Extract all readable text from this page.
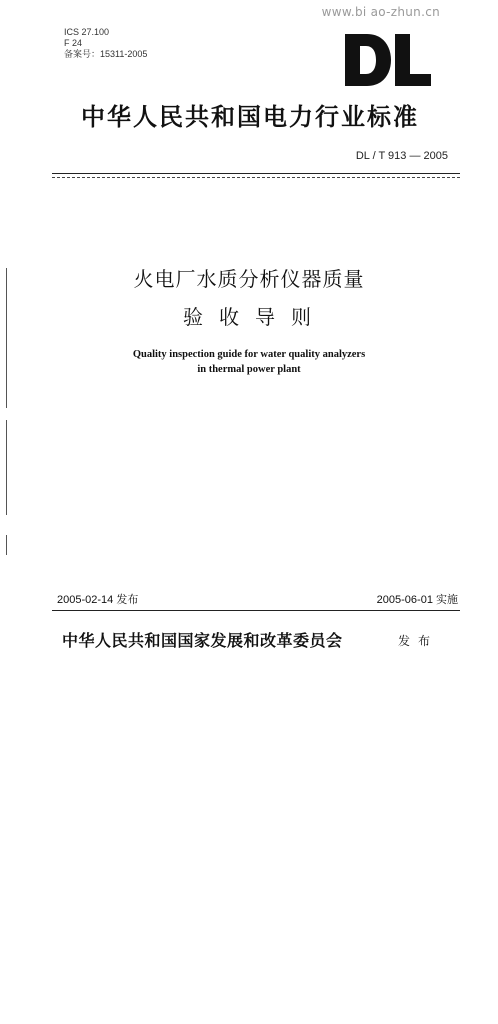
www.bi ao-zhun.cn
ICS 27.100
F 24
备案号：15311-2005
中华人民共和国电力行业标准
DL / T 913 — 2005
火电厂水质分析仪器质量
验收导则
Quality inspection guide for water quality analyzers
in thermal power plant
2005-02-14 发布	2005-06-01 实施
中华人民共和国国家发展和改革委员会	发布
